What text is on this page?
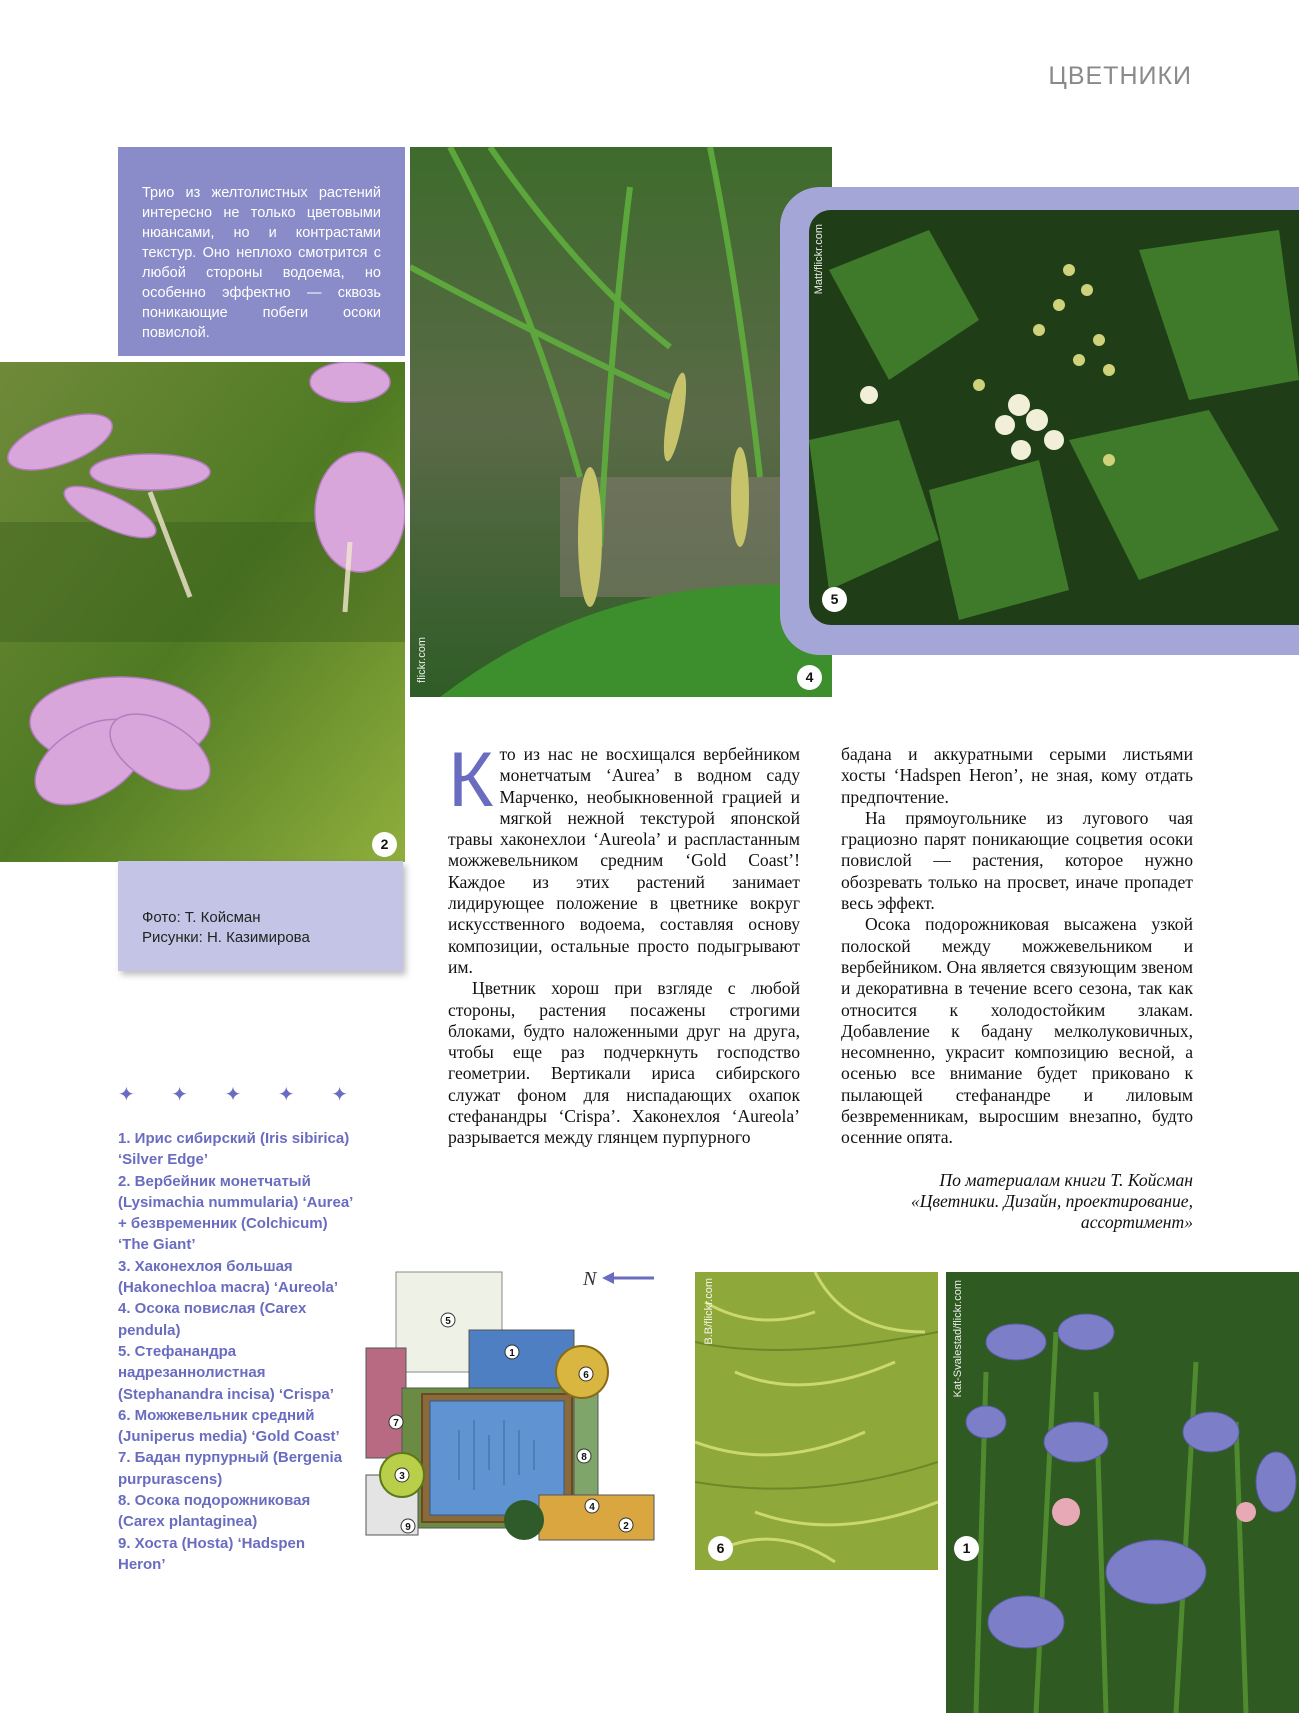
ЦВЕТНИКИ
Трио из желтолистных растений интересно не только цветовыми нюансами, но и контрастами текстур. Оно неплохо смотрится с любой стороны водоема, но особенно эффектно — сквозь поникающие побеги осоки повислой.
2
flickr.com	4
Matt/flickr.com
5
Фото: Т. Койсман
Рисунки: Н. Казимирова

Кто из нас не восхищался вербейником монетчатым ‘Aurea’ в водном саду Марченко, необыкновенной грацией и мягкой нежной текстурой японской травы хаконехлои ‘Aureola’ и распластанным можжевельником средним ‘Gold Coast’! Каждое из этих растений занимает лидирующее положение в цветнике вокруг искусственного водоема, составляя основу композиции, остальные просто подыгрывают им.

Цветник хорош при взгляде с любой стороны, растения посажены строгими блоками, будто наложенными друг на друга, чтобы еще раз подчеркнуть господство геометрии. Вертикали ириса сибирского служат фоном для ниспадающих охапок стефанандры ‘Crispa’. Хаконехлоя ‘Aureola’ разрывается между глянцем пурпурного

бадана и аккуратными серыми листьями хосты ‘Hadspen Heron’, не зная, кому отдать предпочтение.

На прямоугольнике из лугового чая грациозно парят поникающие соцветия осоки повислой — растения, которое нужно обозревать только на просвет, иначе пропадет весь эффект.

Осока подорожниковая высажена узкой полоской между можжевельником и вербейником. Она является связующим звеном и декоративна в течение всего сезона, так как относится к холодостойким злакам. Добавление к бадану мелколуковичных, несомненно, украсит композицию весной, а осенью все внимание будет приковано к пылающей стефанандре и лиловым безвременникам, выросшим внезапно, будто осенние опята.

По материалам книги Т. Койсман
«Цветники. Дизайн, проектирование,
ассортимент»
✦ ✦ ✦ ✦ ✦
1. Ирис сибирский (Iris sibirica) ‘Silver Edge’
2. Вербейник монетчатый (Lysimachia nummularia) ‘Aurea’ + безвременник (Colchicum) ‘The Giant’
3. Хаконехлоя большая (Hakonechloa macra) ‘Aureola’
4. Осока повислая (Carex pendula)
5. Стефанандра надрезаннолистная (Stephanandra incisa) ‘Crispa’
6. Можжевельник средний (Juniperus media) ‘Gold Coast’
7. Бадан пурпурный (Bergenia purpurascens)
8. Осока подорожниковая (Carex plantaginea)
9. Хоста (Hosta) ‘Hadspen Heron’
N
1
2
3
4
5
6
7
8
9
B.B/flickr.com
6
Kat-Svalestad/flickr.com
1
